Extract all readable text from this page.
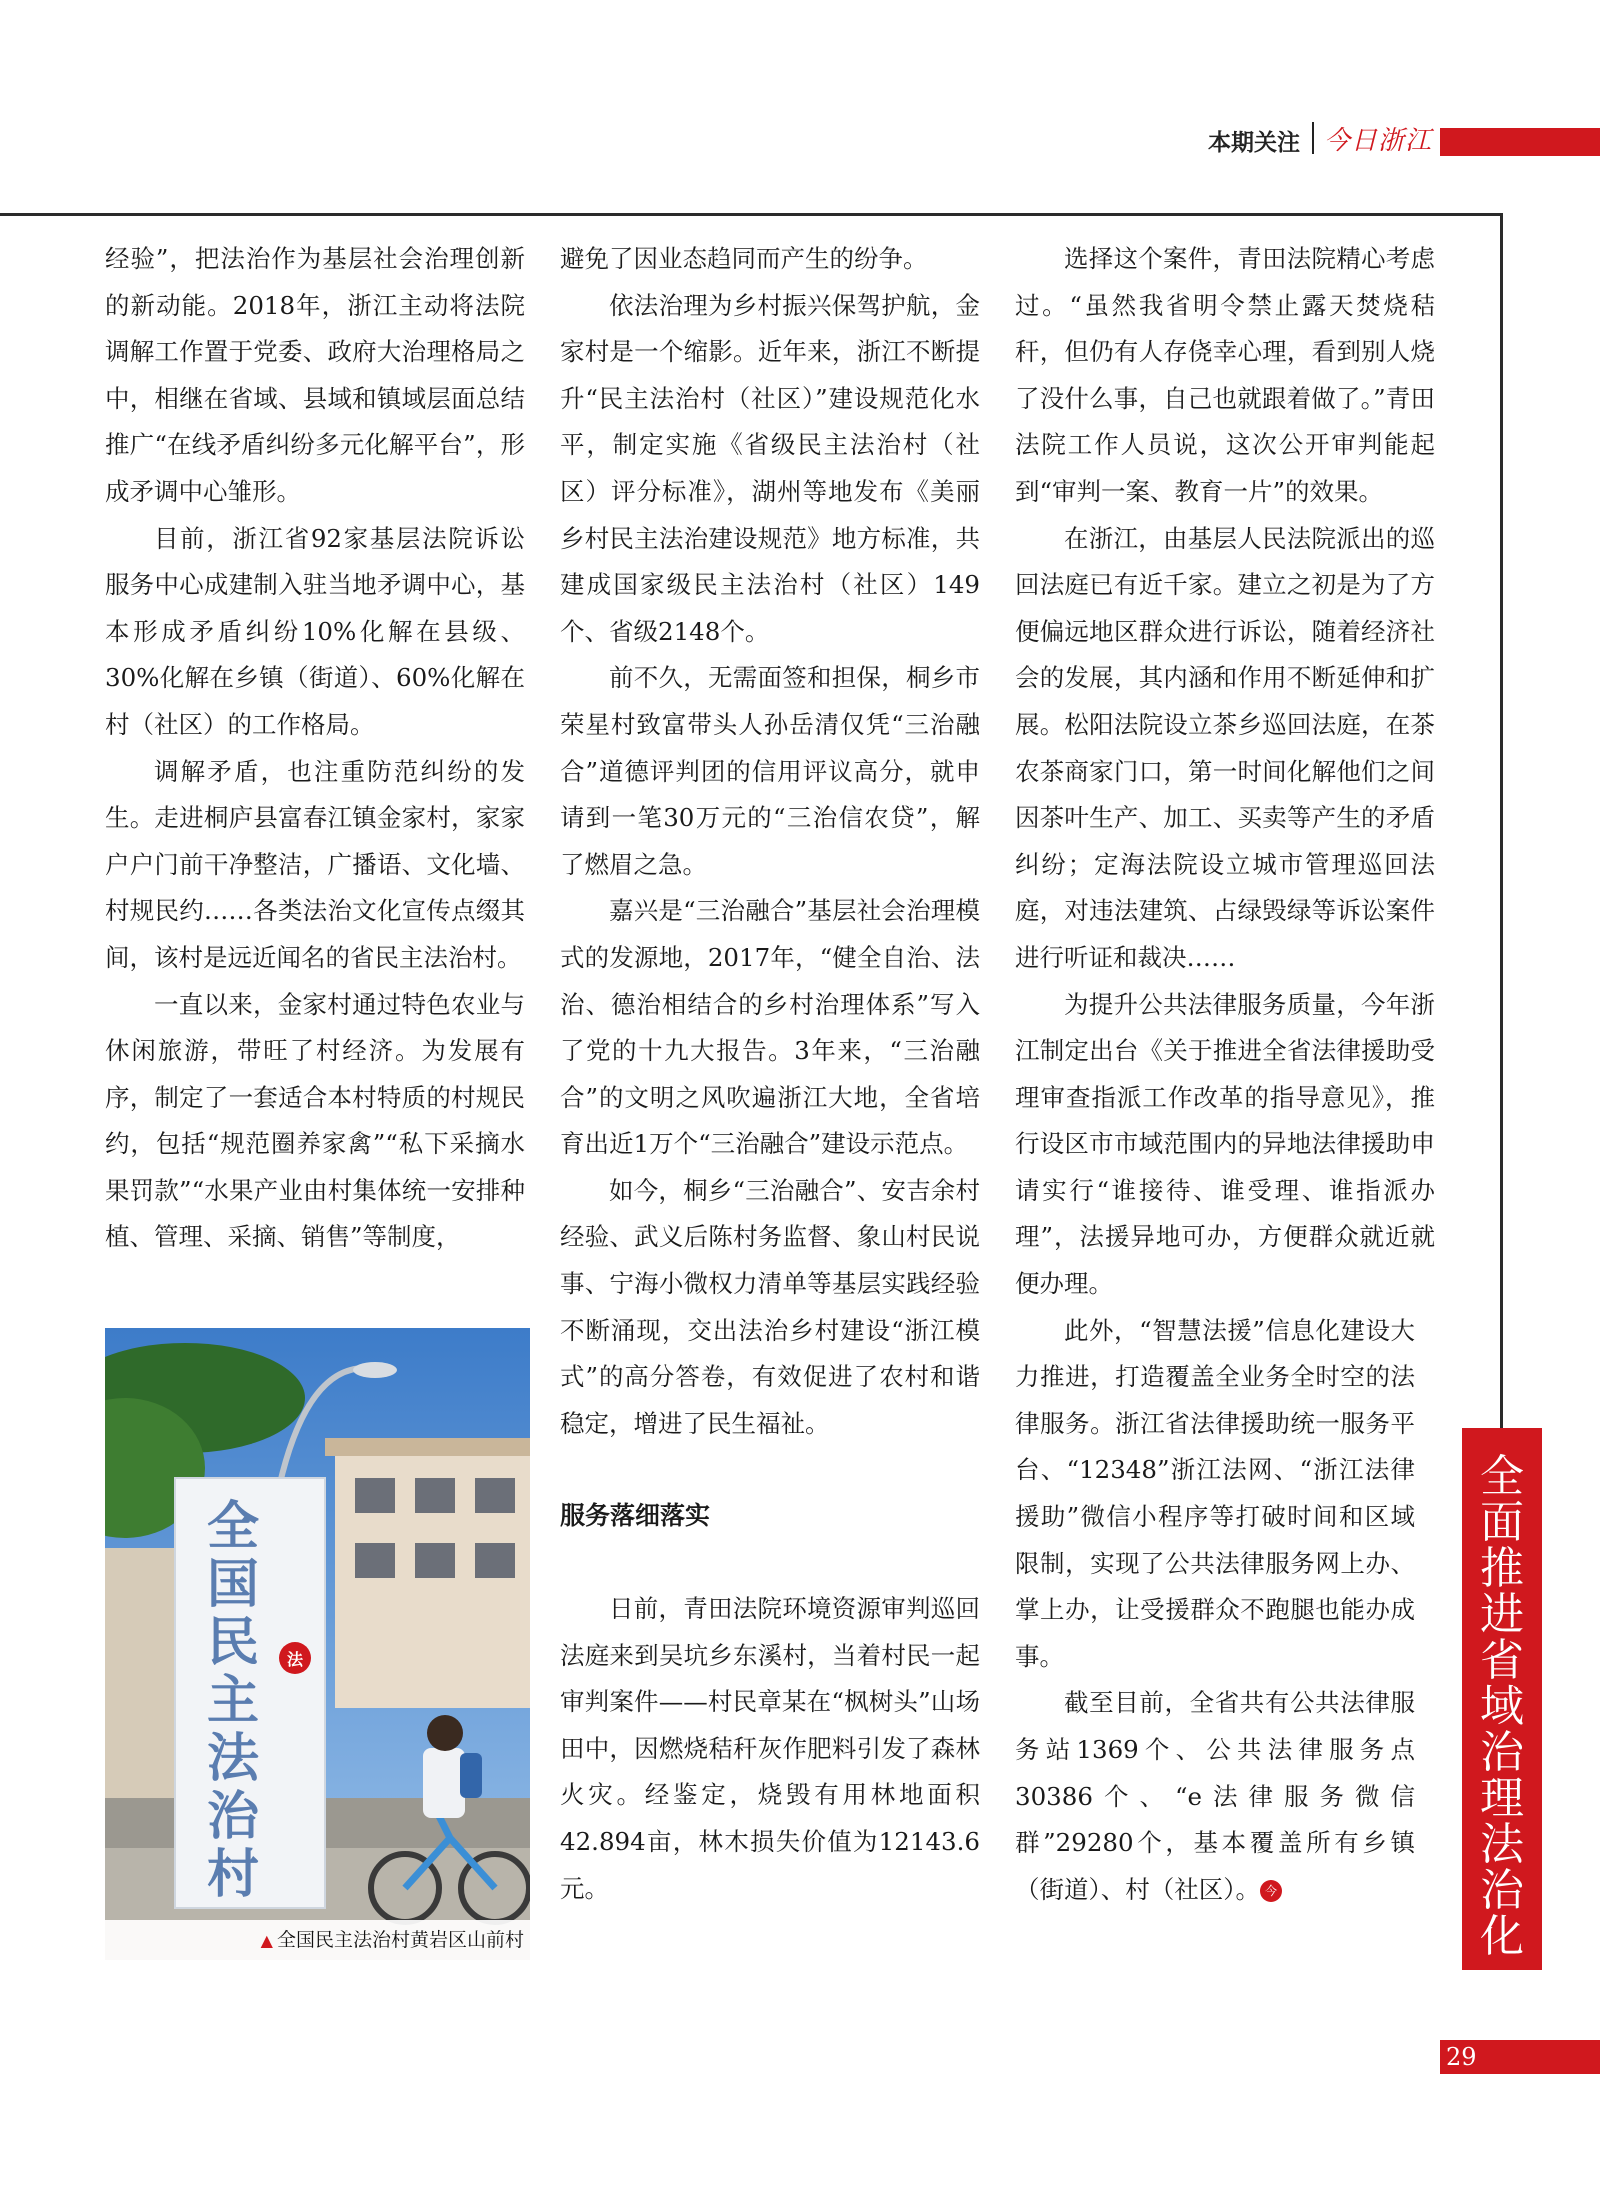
本期关注 今日浙江

经验”，把法治作为基层社会治理创新的新动能。2018年，浙江主动将法院调解工作置于党委、政府大治理格局之中，相继在省域、县域和镇域层面总结推广“在线矛盾纠纷多元化解平台”，形成矛调中心雏形。

目前，浙江省92家基层法院诉讼服务中心成建制入驻当地矛调中心，基本形成矛盾纠纷10%化解在县级、30%化解在乡镇（街道）、60%化解在村（社区）的工作格局。

调解矛盾，也注重防范纠纷的发生。走进桐庐县富春江镇金家村，家家户户门前干净整洁，广播语、文化墙、村规民约……各类法治文化宣传点缀其间，该村是远近闻名的省民主法治村。

一直以来，金家村通过特色农业与休闲旅游，带旺了村经济。为发展有序，制定了一套适合本村特质的村规民约，包括“规范圈养家禽”“私下采摘水果罚款”“水果产业由村集体统一安排种植、管理、采摘、销售”等制度，

法
全国民主法治村
▲ 全国民主法治村黄岩区山前村

避免了因业态趋同而产生的纷争。

依法治理为乡村振兴保驾护航，金家村是一个缩影。近年来，浙江不断提升“民主法治村（社区）”建设规范化水平，制定实施《省级民主法治村（社区）评分标准》，湖州等地发布《美丽乡村民主法治建设规范》地方标准，共建成国家级民主法治村（社区）149个、省级2148个。

前不久，无需面签和担保，桐乡市荣星村致富带头人孙岳清仅凭“三治融合”道德评判团的信用评议高分，就申请到一笔30万元的“三治信农贷”，解了燃眉之急。

嘉兴是“三治融合”基层社会治理模式的发源地，2017年，“健全自治、法治、德治相结合的乡村治理体系”写入了党的十九大报告。3年来，“三治融合”的文明之风吹遍浙江大地，全省培育出近1万个“三治融合”建设示范点。

如今，桐乡“三治融合”、安吉余村经验、武义后陈村务监督、象山村民说事、宁海小微权力清单等基层实践经验不断涌现，交出法治乡村建设“浙江模式”的高分答卷，有效促进了农村和谐稳定，增进了民生福祉。

服务落细落实

日前，青田法院环境资源审判巡回法庭来到吴坑乡东溪村，当着村民一起审判案件——村民章某在“枫树头”山场田中，因燃烧秸秆灰作肥料引发了森林火灾。经鉴定，烧毁有用林地面积42.894亩，林木损失价值为12143.6元。

选择这个案件，青田法院精心考虑过。“虽然我省明令禁止露天焚烧秸秆，但仍有人存侥幸心理，看到别人烧了没什么事，自己也就跟着做了。”青田法院工作人员说，这次公开审判能起到“审判一案、教育一片”的效果。

在浙江，由基层人民法院派出的巡回法庭已有近千家。建立之初是为了方便偏远地区群众进行诉讼，随着经济社会的发展，其内涵和作用不断延伸和扩展。松阳法院设立茶乡巡回法庭，在茶农茶商家门口，第一时间化解他们之间因茶叶生产、加工、买卖等产生的矛盾纠纷；定海法院设立城市管理巡回法庭，对违法建筑、占绿毁绿等诉讼案件进行听证和裁决……

为提升公共法律服务质量，今年浙江制定出台《关于推进全省法律援助受理审查指派工作改革的指导意见》，推行设区市市域范围内的异地法律援助申请实行“谁接待、谁受理、谁指派办理”，法援异地可办，方便群众就近就便办理。

此外，“智慧法援”信息化建设大力推进，打造覆盖全业务全时空的法律服务。浙江省法律援助统一服务平台、“12348”浙江法网、“浙江法律援助”微信小程序等打破时间和区域限制，实现了公共法律服务网上办、掌上办，让受援群众不跑腿也能办成事。

截至目前，全省共有公共法律服务站1369个、公共法律服务点30386个、“e法律服务微信群”29280个，基本覆盖所有乡镇（街道）、村（社区）。 今

全面推进省域治理法治化
29
